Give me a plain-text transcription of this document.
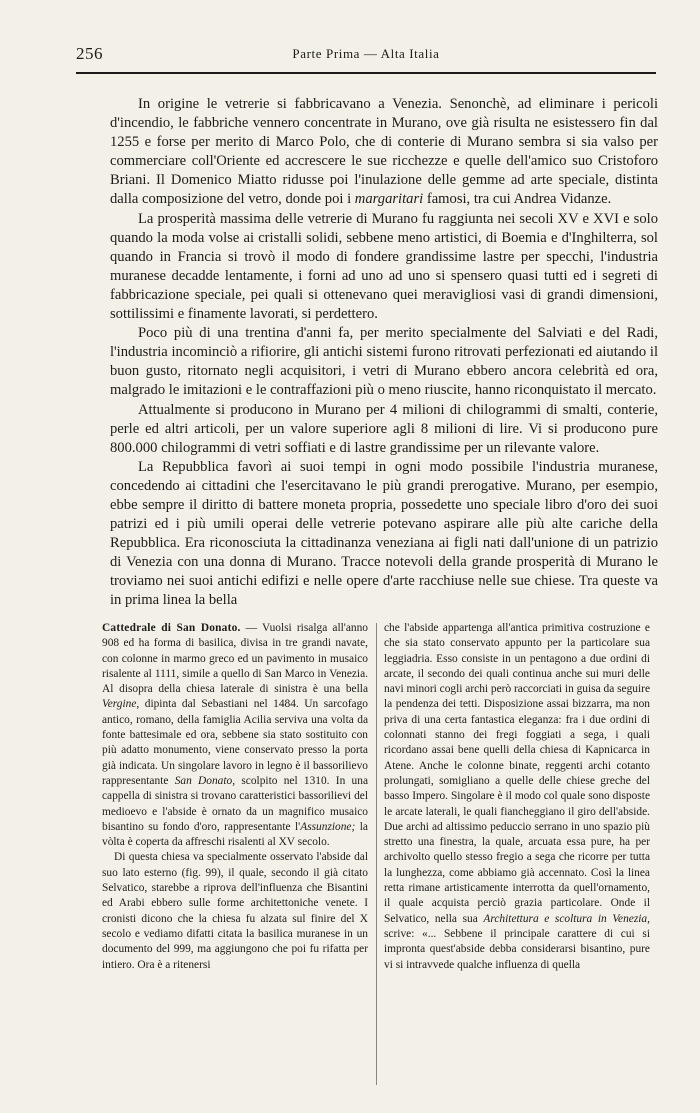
256	Parte Prima — Alta Italia

In origine le vetrerie si fabbricavano a Venezia. Senonchè, ad eliminare i pericoli d'incendio, le fabbriche vennero concentrate in Murano, ove già risulta ne esistessero fin dal 1255 e forse per merito di Marco Polo, che di conterie di Murano sembra si sia valso per commerciare coll'Oriente ed accrescere le sue ricchezze e quelle dell'amico suo Cristoforo Briani. Il Domenico Miatto ridusse poi l'inulazione delle gemme ad arte speciale, distinta dalla composizione del vetro, donde poi i margaritari famosi, tra cui Andrea Vidanze.

La prosperità massima delle vetrerie di Murano fu raggiunta nei secoli XV e XVI e solo quando la moda volse ai cristalli solidi, sebbene meno artistici, di Boemia e d'Inghilterra, sol quando in Francia si trovò il modo di fondere grandissime lastre per specchi, l'industria muranese decadde lentamente, i forni ad uno ad uno si spensero quasi tutti ed i segreti di fabbricazione speciale, pei quali si ottenevano quei meravigliosi vasi di grandi dimensioni, sottilissimi e finamente lavorati, si perdettero.

Poco più di una trentina d'anni fa, per merito specialmente del Salviati e del Radi, l'industria incominciò a rifiorire, gli antichi sistemi furono ritrovati perfezionati ed aiutando il buon gusto, ritornato negli acquisitori, i vetri di Murano ebbero ancora celebrità ed ora, malgrado le imitazioni e le contraffazioni più o meno riuscite, hanno riconquistato il mercato.

Attualmente si producono in Murano per 4 milioni di chilogrammi di smalti, conterie, perle ed altri articoli, per un valore superiore agli 8 milioni di lire. Vi si producono pure 800.000 chilogrammi di vetri soffiati e di lastre grandissime per un rilevante valore.

La Repubblica favorì ai suoi tempi in ogni modo possibile l'industria muranese, concedendo ai cittadini che l'esercitavano le più grandi prerogative. Murano, per esempio, ebbe sempre il diritto di battere moneta propria, possedette uno speciale libro d'oro dei suoi patrizi ed i più umili operai delle vetrerie potevano aspirare alle più alte cariche della Repubblica. Era riconosciuta la cittadinanza veneziana ai figli nati dall'unione di un patrizio di Venezia con una donna di Murano. Tracce notevoli della grande prosperità di Murano le troviamo nei suoi antichi edifizi e nelle opere d'arte racchiuse nelle sue chiese. Tra queste va in prima linea la bella

Cattedrale di San Donato. — Vuolsi risalga all'anno 908 ed ha forma di basilica, divisa in tre grandi navate, con colonne in marmo greco ed un pavimento in musaico risalente al 1111, simile a quello di San Marco in Venezia. Al disopra della chiesa laterale di sinistra è una bella Vergine, dipinta dal Sebastiani nel 1484. Un sarcofago antico, romano, della famiglia Acilia serviva una volta da fonte battesimale ed ora, sebbene sia stato sostituito con più adatto monumento, viene conservato presso la porta già indicata. Un singolare lavoro in legno è il bassorilievo rappresentante San Donato, scolpito nel 1310. In una cappella di sinistra si trovano caratteristici bassorilievi del medioevo e l'abside è ornato da un magnifico musaico bisantino su fondo d'oro, rappresentante l'Assunzione; la vòlta è coperta da affreschi risalenti al XV secolo.

Di questa chiesa va specialmente osservato l'abside dal suo lato esterno (fig. 99), il quale, secondo il già citato Selvatico, starebbe a riprova dell'influenza che Bisantini ed Arabi ebbero sulle forme architettoniche venete. I cronisti dicono che la chiesa fu alzata sul finire del X secolo e vediamo difatti citata la basilica muranese in un documento del 999, ma aggiungono che poi fu rifatta per intiero. Ora è a ritenersi

che l'abside appartenga all'antica primitiva costruzione e che sia stato conservato appunto per la particolare sua leggiadria. Esso consiste in un pentagono a due ordini di arcate, il secondo dei quali continua anche sui muri delle navi minori cogli archi però raccorciati in guisa da seguire la pendenza dei tetti. Disposizione assai bizzarra, ma non priva di una certa fantastica eleganza: fra i due ordini di colonnati stanno dei fregi foggiati a sega, i quali ricordano assai bene quelli della chiesa di Kapnicarca in Atene. Anche le colonne binate, reggenti archi cotanto prolungati, somigliano a quelle delle chiese greche del basso Impero. Singolare è il modo col quale sono disposte le arcate laterali, le quali fiancheggiano il giro dell'abside. Due archi ad altissimo peduccio serrano in uno spazio più stretto una finestra, la quale, arcuata essa pure, ha per archivolto quello stesso fregio a sega che ricorre per tutta la lunghezza, come abbiamo già accennato. Così la linea retta rimane artisticamente interrotta da quell'ornamento, il quale acquista perciò grazia particolare. Onde il Selvatico, nella sua Architettura e scoltura in Venezia, scrive: «... Sebbene il principale carattere di cui si impronta quest'abside debba considerarsi bisantino, pure vi si intravvede qualche influenza di quella
